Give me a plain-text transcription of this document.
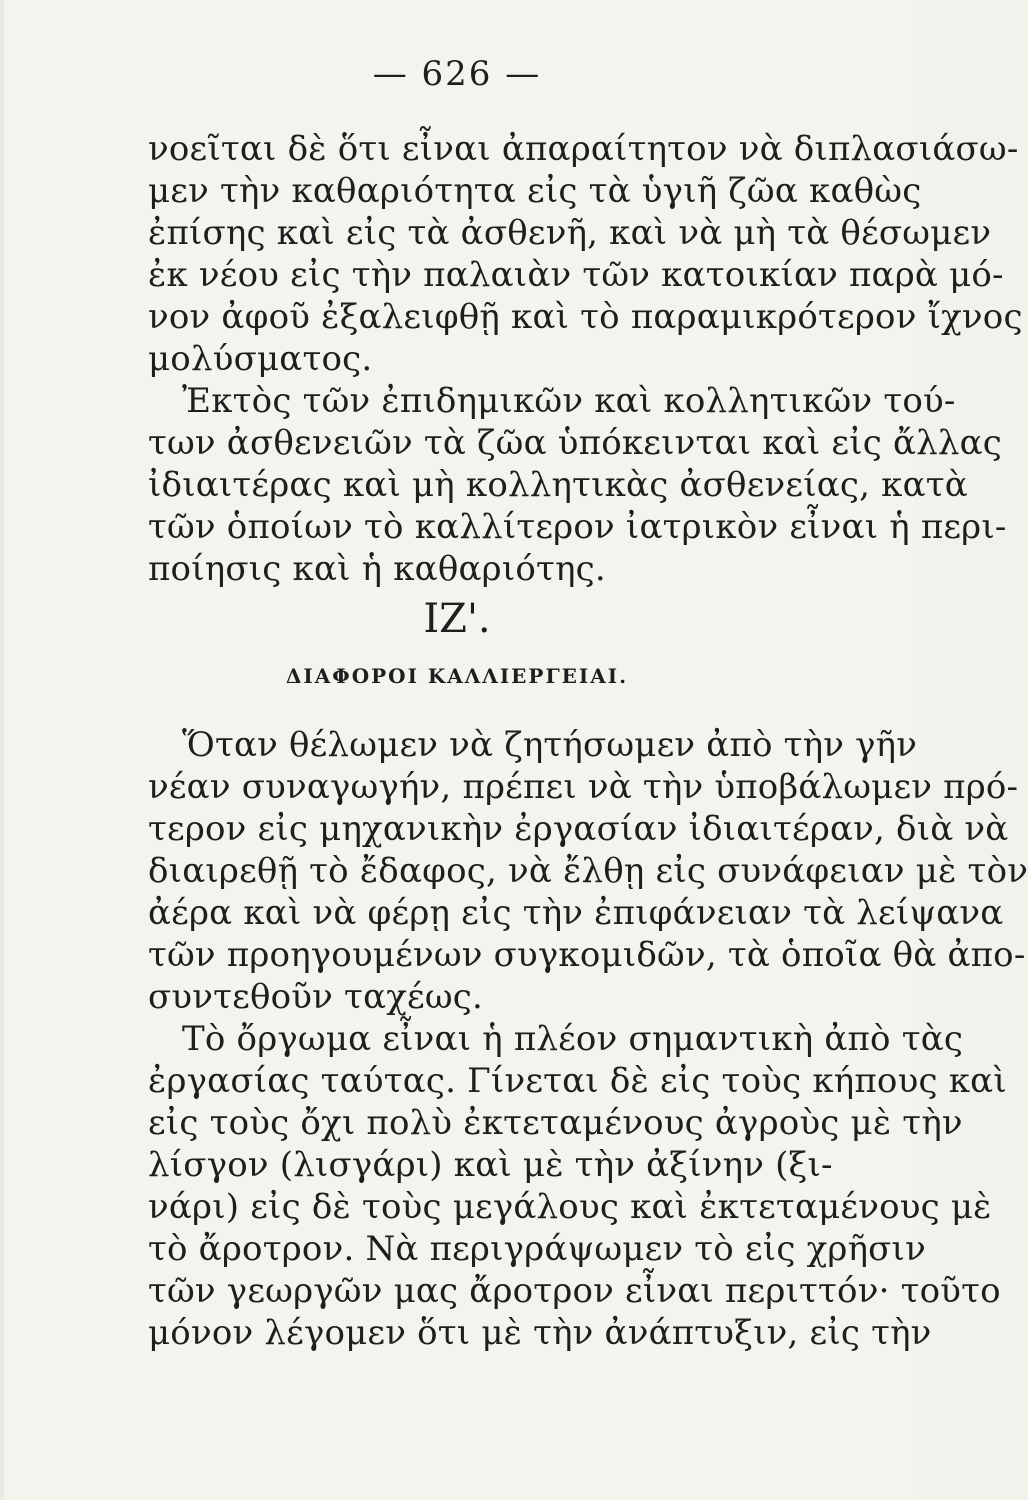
— 626 —
νοεῖται δὲ ὅτι εἶναι ἀπαραίτητον νὰ διπλασιάσω-
μεν τὴν καθαριότητα εἰς τὰ ὑγιῆ ζῶα καθὼς
ἐπίσης καὶ εἰς τὰ ἀσθενῆ, καὶ νὰ μὴ τὰ θέσωμεν
ἐκ νέου εἰς τὴν παλαιὰν τῶν κατοικίαν παρὰ μό-
νον ἀφοῦ ἐξαλειφθῇ καὶ τὸ παραμικρότερον ἴχνος
μολύσματος.
Ἐκτὸς τῶν ἐπιδημικῶν καὶ κολλητικῶν τού-
των ἀσθενειῶν τὰ ζῶα ὑπόκεινται καὶ εἰς ἄλλας
ἰδιαιτέρας καὶ μὴ κολλητικὰς ἀσθενείας, κατὰ
τῶν ὁποίων τὸ καλλίτερον ἰατρικὸν εἶναι ἡ περι-
ποίησις καὶ ἡ καθαριότης.
ΙΖ'.
ΔΙΑΦΟΡΟΙ ΚΑΛΛΙΕΡΓΕΙΑΙ.
Ὅταν θέλωμεν νὰ ζητήσωμεν ἀπὸ τὴν γῆν
νέαν συναγωγήν, πρέπει νὰ τὴν ὑποβάλωμεν πρό-
τερον εἰς μηχανικὴν ἐργασίαν ἰδιαιτέραν, διὰ νὰ
διαιρεθῇ τὸ ἔδαφος, νὰ ἔλθῃ εἰς συνάφειαν μὲ τὸν
ἀέρα καὶ νὰ φέρῃ εἰς τὴν ἐπιφάνειαν τὰ λείψανα
τῶν προηγουμένων συγκομιδῶν, τὰ ὁποῖα θὰ ἀπο-
συντεθοῦν ταχέως.
Τὸ ὄργωμα εἶναι ἡ πλέον σημαντικὴ ἀπὸ τὰς
ἐργασίας ταύτας. Γίνεται δὲ εἰς τοὺς κήπους καὶ
εἰς τοὺς ὄχι πολὺ ἐκτεταμένους ἀγροὺς μὲ τὴν
λίσγον (λισγάρι) καὶ μὲ τὴν ἀξίνην (ξι-
νάρι) εἰς δὲ τοὺς μεγάλους καὶ ἐκτεταμένους μὲ
τὸ ἄροτρον. Νὰ περιγράψωμεν τὸ εἰς χρῆσιν
τῶν γεωργῶν μας ἄροτρον εἶναι περιττόν· τοῦτο
μόνον λέγομεν ὅτι μὲ τὴν ἀνάπτυξιν, εἰς τὴν
